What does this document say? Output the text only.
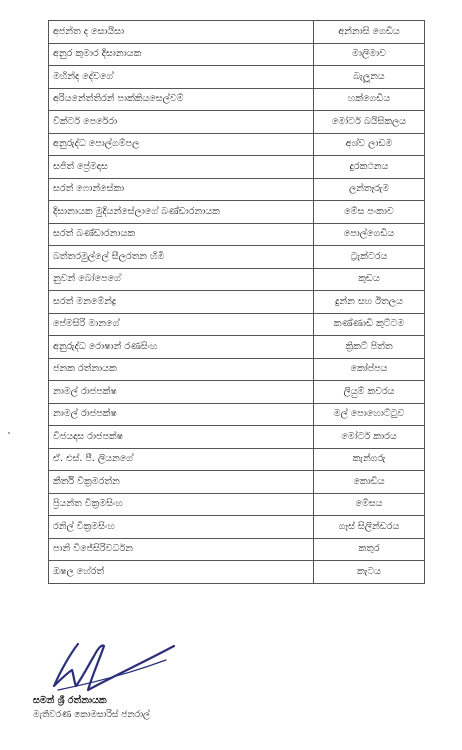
අජන්ත ද සොයිසා	අන්නාසි ගෙඩිය
අනුර කුමාර දිසානායක	මාලිමාව
මහින්ද දේවගේ	බැලූනය
අරියනේත්තිරන් පාක්කියසෙල්වම්	හක්ගෙඩිය
වික්ටර් පෙරේරා	මෝටර් බයිසිකලය
අනුරුද්ධ පොල්ගම්පල	අශ්ව ලාඩම
සජිත් ප්‍රේමදාස	දුරකථනය
සරත් ෆොන්සේකා	ලන්තෑරුම
දිසානායක මුදියන්සේලාගේ බණ්ඩාරනායක	මේස පංකාව
සරත් බණ්ඩාරනායක	පොල්ගෙඩිය
බත්තරමුල්ලේ සීලරතන හිමි	ට්‍රැක්ටරය
නුවන් බෝපෙගේ	කුඩය
සරත් මනමේන්ද්‍ර	දුන්න සහ ඊතලය
පේමසිරි මානගේ	කණ්ණාඩි කුට්ටම
අනුරුද්ධ රොෂාන් රණසිංහ	ක්‍රිකට් පිත්ත
ජනක රත්නායක	කෝප්පය
නාමල් රාජපක්ෂ	ලියුම් කවරය
නාමල් රාජපක්ෂ	මල් පොහොට්ටුව
විජයදාස රාජපක්ෂ	මෝටර් කාරය
ඒ. එස්. පී. ලියනගේ	කැන්ගරු
කීර්ති වික්‍රමරත්න	කොඩිය
ප්‍රියන්ත වික්‍රමසිංහ	මේසය
රනිල් වික්‍රමසිංහ	ගෑස් සිලින්ඩරය
පානි විජේසිරිවර්ධන	කතුර
ඔෂල හේරත්	කැටය
සමන් ශ්‍රී රත්නායක
මැතිවරණ කොමසාරිස් ජනරාල්
